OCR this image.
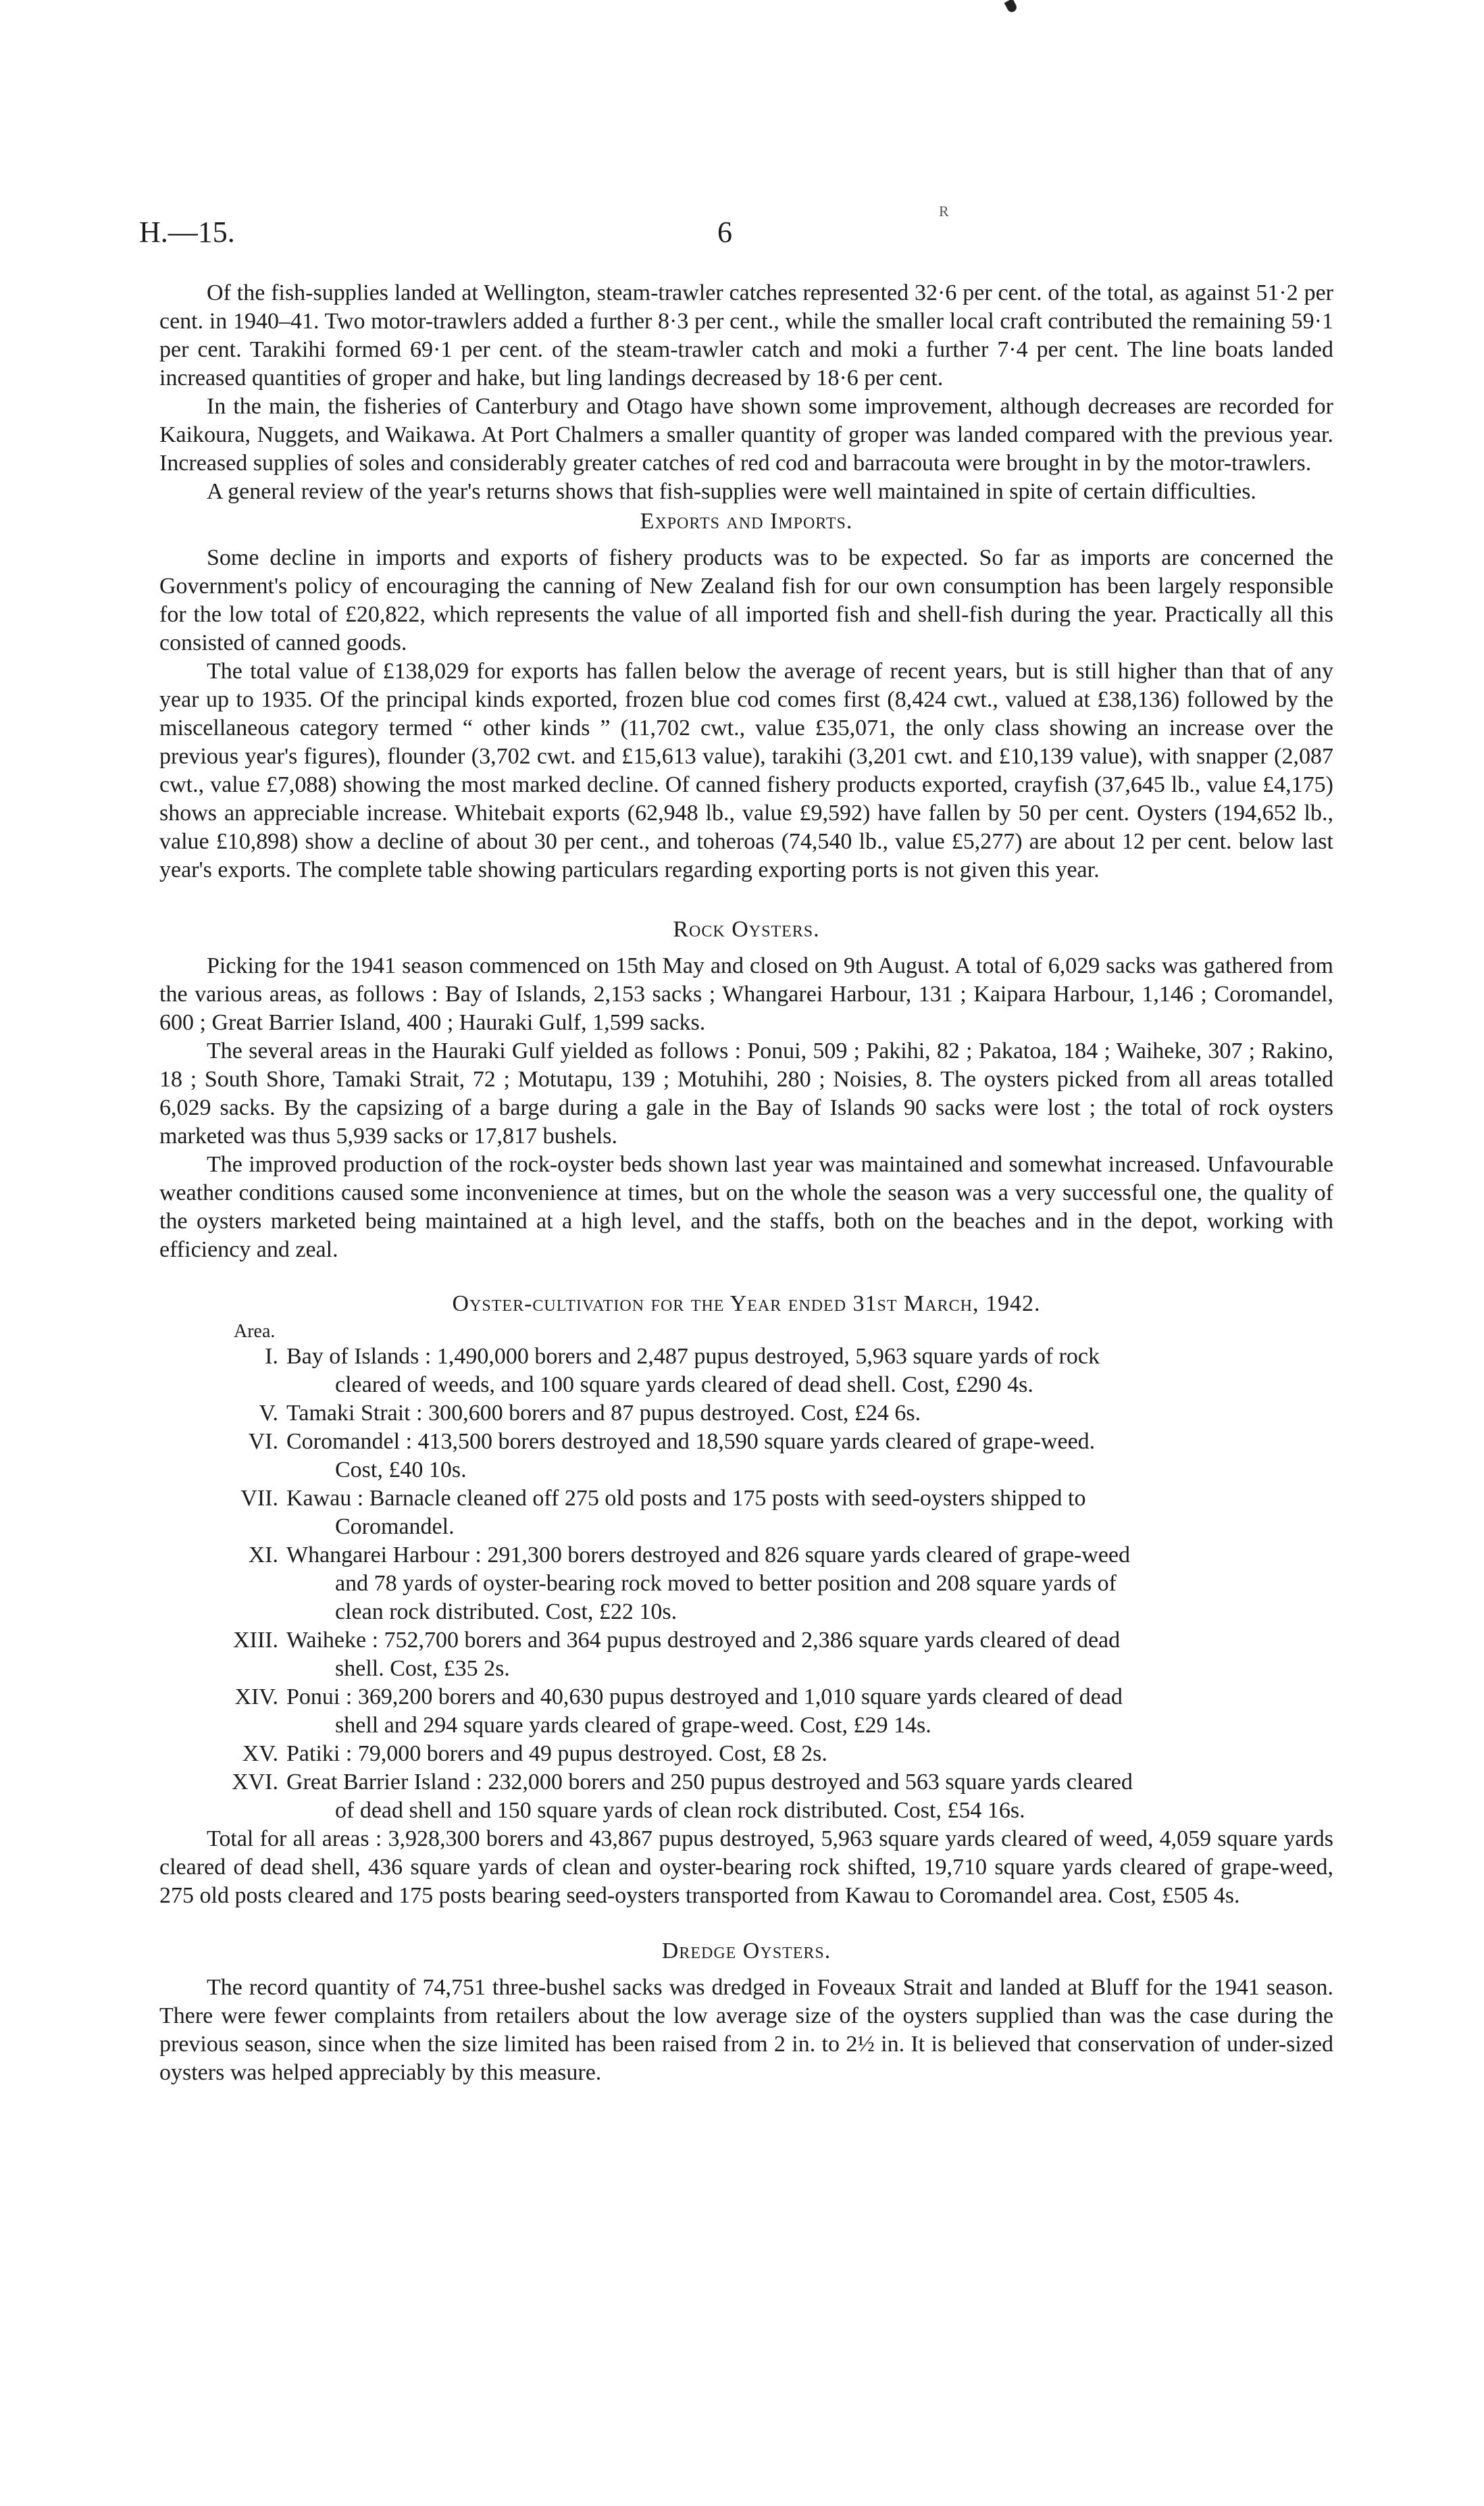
H.—15.	6
R

Of the fish-supplies landed at Wellington, steam-trawler catches represented 32·6 per cent. of the total, as against 51·2 per cent. in 1940–41. Two motor-trawlers added a further 8·3 per cent., while the smaller local craft contributed the remaining 59·1 per cent. Tarakihi formed 69·1 per cent. of the steam-trawler catch and moki a further 7·4 per cent. The line boats landed increased quantities of groper and hake, but ling landings decreased by 18·6 per cent.

In the main, the fisheries of Canterbury and Otago have shown some improvement, although decreases are recorded for Kaikoura, Nuggets, and Waikawa. At Port Chalmers a smaller quantity of groper was landed compared with the previous year. Increased supplies of soles and considerably greater catches of red cod and barracouta were brought in by the motor-trawlers.

A general review of the year's returns shows that fish-supplies were well maintained in spite of certain difficulties.

Exports and Imports.

Some decline in imports and exports of fishery products was to be expected. So far as imports are concerned the Government's policy of encouraging the canning of New Zealand fish for our own consumption has been largely responsible for the low total of £20,822, which represents the value of all imported fish and shell-fish during the year. Practically all this consisted of canned goods.

The total value of £138,029 for exports has fallen below the average of recent years, but is still higher than that of any year up to 1935. Of the principal kinds exported, frozen blue cod comes first (8,424 cwt., valued at £38,136) followed by the miscellaneous category termed “ other kinds ” (11,702 cwt., value £35,071, the only class showing an increase over the previous year's figures), flounder (3,702 cwt. and £15,613 value), tarakihi (3,201 cwt. and £10,139 value), with snapper (2,087 cwt., value £7,088) showing the most marked decline. Of canned fishery products exported, crayfish (37,645 lb., value £4,175) shows an appreciable increase. Whitebait exports (62,948 lb., value £9,592) have fallen by 50 per cent. Oysters (194,652 lb., value £10,898) show a decline of about 30 per cent., and toheroas (74,540 lb., value £5,277) are about 12 per cent. below last year's exports. The complete table showing particulars regarding exporting ports is not given this year.

Rock Oysters.

Picking for the 1941 season commenced on 15th May and closed on 9th August. A total of 6,029 sacks was gathered from the various areas, as follows : Bay of Islands, 2,153 sacks ; Whangarei Harbour, 131 ; Kaipara Harbour, 1,146 ; Coromandel, 600 ; Great Barrier Island, 400 ; Hauraki Gulf, 1,599 sacks.

The several areas in the Hauraki Gulf yielded as follows : Ponui, 509 ; Pakihi, 82 ; Pakatoa, 184 ; Waiheke, 307 ; Rakino, 18 ; South Shore, Tamaki Strait, 72 ; Motutapu, 139 ; Motuhihi, 280 ; Noisies, 8. The oysters picked from all areas totalled 6,029 sacks. By the capsizing of a barge during a gale in the Bay of Islands 90 sacks were lost ; the total of rock oysters marketed was thus 5,939 sacks or 17,817 bushels.

The improved production of the rock-oyster beds shown last year was maintained and somewhat increased. Unfavourable weather conditions caused some inconvenience at times, but on the whole the season was a very successful one, the quality of the oysters marketed being maintained at a high level, and the staffs, both on the beaches and in the depot, working with efficiency and zeal.

Oyster-cultivation for the Year ended 31st March, 1942.
Area.
I. Bay of Islands : 1,490,000 borers and 2,487 pupus destroyed, 5,963 square yards of rock
cleared of weeds, and 100 square yards cleared of dead shell. Cost, £290 4s.
V. Tamaki Strait : 300,600 borers and 87 pupus destroyed. Cost, £24 6s.
VI. Coromandel : 413,500 borers destroyed and 18,590 square yards cleared of grape-weed.
Cost, £40 10s.
VII. Kawau : Barnacle cleaned off 275 old posts and 175 posts with seed-oysters shipped to
Coromandel.
XI. Whangarei Harbour : 291,300 borers destroyed and 826 square yards cleared of grape-weed
and 78 yards of oyster-bearing rock moved to better position and 208 square yards of
clean rock distributed. Cost, £22 10s.
XIII. Waiheke : 752,700 borers and 364 pupus destroyed and 2,386 square yards cleared of dead
shell. Cost, £35 2s.
XIV. Ponui : 369,200 borers and 40,630 pupus destroyed and 1,010 square yards cleared of dead
shell and 294 square yards cleared of grape-weed. Cost, £29 14s.
XV. Patiki : 79,000 borers and 49 pupus destroyed. Cost, £8 2s.
XVI. Great Barrier Island : 232,000 borers and 250 pupus destroyed and 563 square yards cleared
of dead shell and 150 square yards of clean rock distributed. Cost, £54 16s.

Total for all areas : 3,928,300 borers and 43,867 pupus destroyed, 5,963 square yards cleared of weed, 4,059 square yards cleared of dead shell, 436 square yards of clean and oyster-bearing rock shifted, 19,710 square yards cleared of grape-weed, 275 old posts cleared and 175 posts bearing seed-oysters transported from Kawau to Coromandel area. Cost, £505 4s.

Dredge Oysters.

The record quantity of 74,751 three-bushel sacks was dredged in Foveaux Strait and landed at Bluff for the 1941 season. There were fewer complaints from retailers about the low average size of the oysters supplied than was the case during the previous season, since when the size limited has been raised from 2 in. to 2½ in. It is believed that conservation of under-sized oysters was helped appreciably by this measure.
